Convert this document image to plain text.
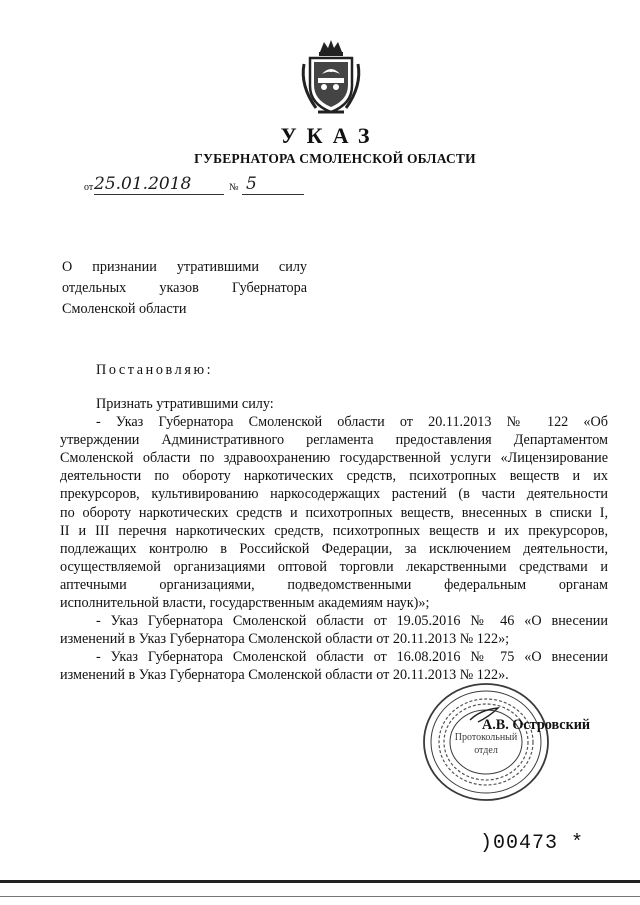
УКАЗ
ГУБЕРНАТОРА СМОЛЕНСКОЙ ОБЛАСТИ
от 25.01.2018	№ 5
О признании утратившими силу
отдельных указов Губернатора
Смоленской области
Постановляю:
Признать утратившими силу:
- Указ Губернатора Смоленской области от 20.11.2013 № 122 «Об
утверждении Административного регламента предоставления Департаментом
Смоленской области по здравоохранению государственной услуги «Лицензирование
деятельности по обороту наркотических средств, психотропных веществ и их
прекурсоров, культивированию наркосодержащих растений (в части деятельности
по обороту наркотических средств и психотропных веществ, внесенных в списки I,
II и III перечня наркотических средств, психотропных веществ и их прекурсоров,
подлежащих контролю в Российской Федерации, за исключением деятельности,
осуществляемой организациями оптовой торговли лекарственными средствами и
аптечными организациями, подведомственными федеральным органам
исполнительной власти, государственным академиям наук)»;
- Указ Губернатора Смоленской области от 19.05.2016 № 46 «О внесении
изменений в Указ Губернатора Смоленской области от 20.11.2013 № 122»;
- Указ Губернатора Смоленской области от 16.08.2016 № 75 «О внесении
изменений в Указ Губернатора Смоленской области от 20.11.2013 № 122».
Протокольный
отдел
А.В. Островский
)00473 *
